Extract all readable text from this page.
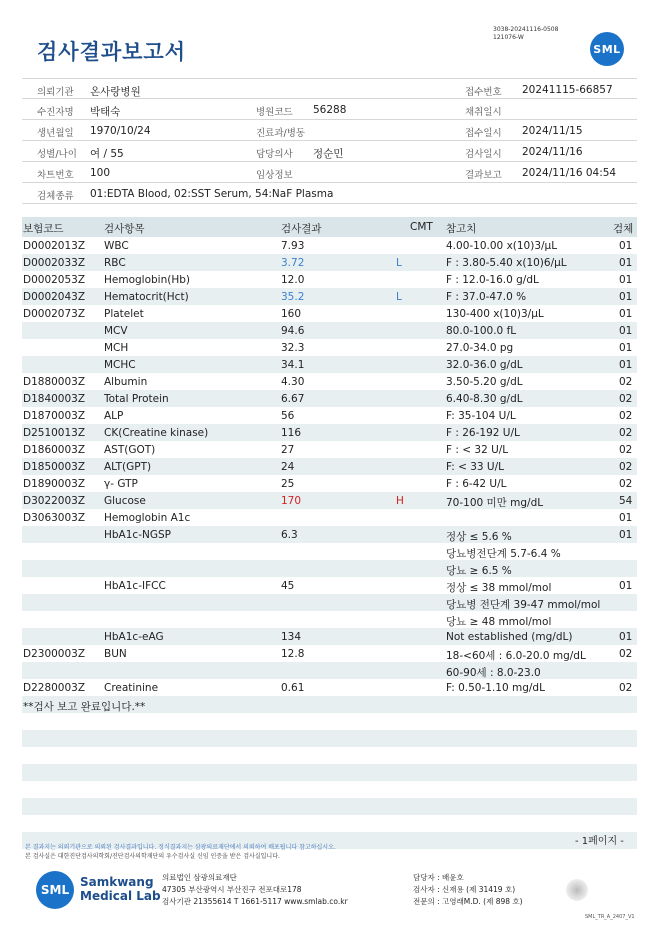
검사결과보고서
3038-20241116-0508
121076-W
SML
의뢰기관 온사랑병원	접수번호 20241115-66857
수진자명 박태숙	병원코드 56288	채취일시
생년월일 1970/10/24	진료과/병동	접수일시 2024/11/15
성별/나이 여 / 55	담당의사 정순민	검사일시 2024/11/16
차트번호 100	임상정보	결과보고 2024/11/16 04:54
검체종류 01:EDTA Blood, 02:SST Serum, 54:NaF Plasma
보험코드	검사항목	검사결과	CMT 참고치	검체
D0002013Z WBC	7.93	4.00-10.00 x(10)3/μL	01
D0002033Z RBC	3.72	L	F : 3.80-5.40 x(10)6/μL	01
D0002053Z Hemoglobin(Hb)	12.0	F : 12.0-16.0 g/dL	01
D0002043Z Hematocrit(Hct)	35.2	L	F : 37.0-47.0 %	01
D0002073Z Platelet	160	130-400 x(10)3/μL	01
MCV	94.6	80.0-100.0 fL	01
MCH	32.3	27.0-34.0 pg	01
MCHC	34.1	32.0-36.0 g/dL	01
D1880003Z Albumin	4.30	3.50-5.20 g/dL	02
D1840003Z Total Protein	6.67	6.40-8.30 g/dL	02
D1870003Z ALP	56	F: 35-104 U/L	02
D2510013Z CK(Creatine kinase)	116	F : 26-192 U/L	02
D1860003Z AST(GOT)	27	F : < 32 U/L	02
D1850003Z ALT(GPT)	24	F: < 33 U/L	02
D1890003Z γ- GTP	25	F : 6-42 U/L	02
D3022003Z Glucose	170	H	70-100 미만 mg/dL	54
D3063003Z Hemoglobin A1c	01
HbA1c-NGSP	6.3	정상 ≤ 5.6 %	01
당뇨병전단계 5.7-6.4 %
당뇨 ≥ 6.5 %
HbA1c-IFCC	45	정상 ≤ 38 mmol/mol	01
당뇨병 전단계 39-47 mmol/mol
당뇨 ≥ 48 mmol/mol
HbA1c-eAG	134	Not established (mg/dL)	01
D2300003Z BUN	12.8	18-<60세 : 6.0-20.0 mg/dL	02
60-90세 : 8.0-23.0
D2280003Z Creatinine	0.61	F: 0.50-1.10 mg/dL	02
**검사 보고 완료입니다.**
본 결과지는 의뢰기관으로 의뢰된 검사결과입니다. 정식결과지는 삼광의료재단에서 의뢰하여 배포됩니다 참고하십시오.
본 검사실은 대한진단검사의학회/진단검사의학재단의 우수검사실 신임 인증을 받은 검사실입니다.
- 1페이지 -
SML
Samkwang
Medical Lab
의료법인 삼광의료재단
47305 부산광역시 부산진구 전포대로178
검사기관 21355614 T 1661-5117 www.smlab.co.kr
담당자 : 배윤호
검사자 : 신재용 (제 31419 호)
전문의 : 고영래M.D. (제 898 호)
SML_TR_A_2407_V1
